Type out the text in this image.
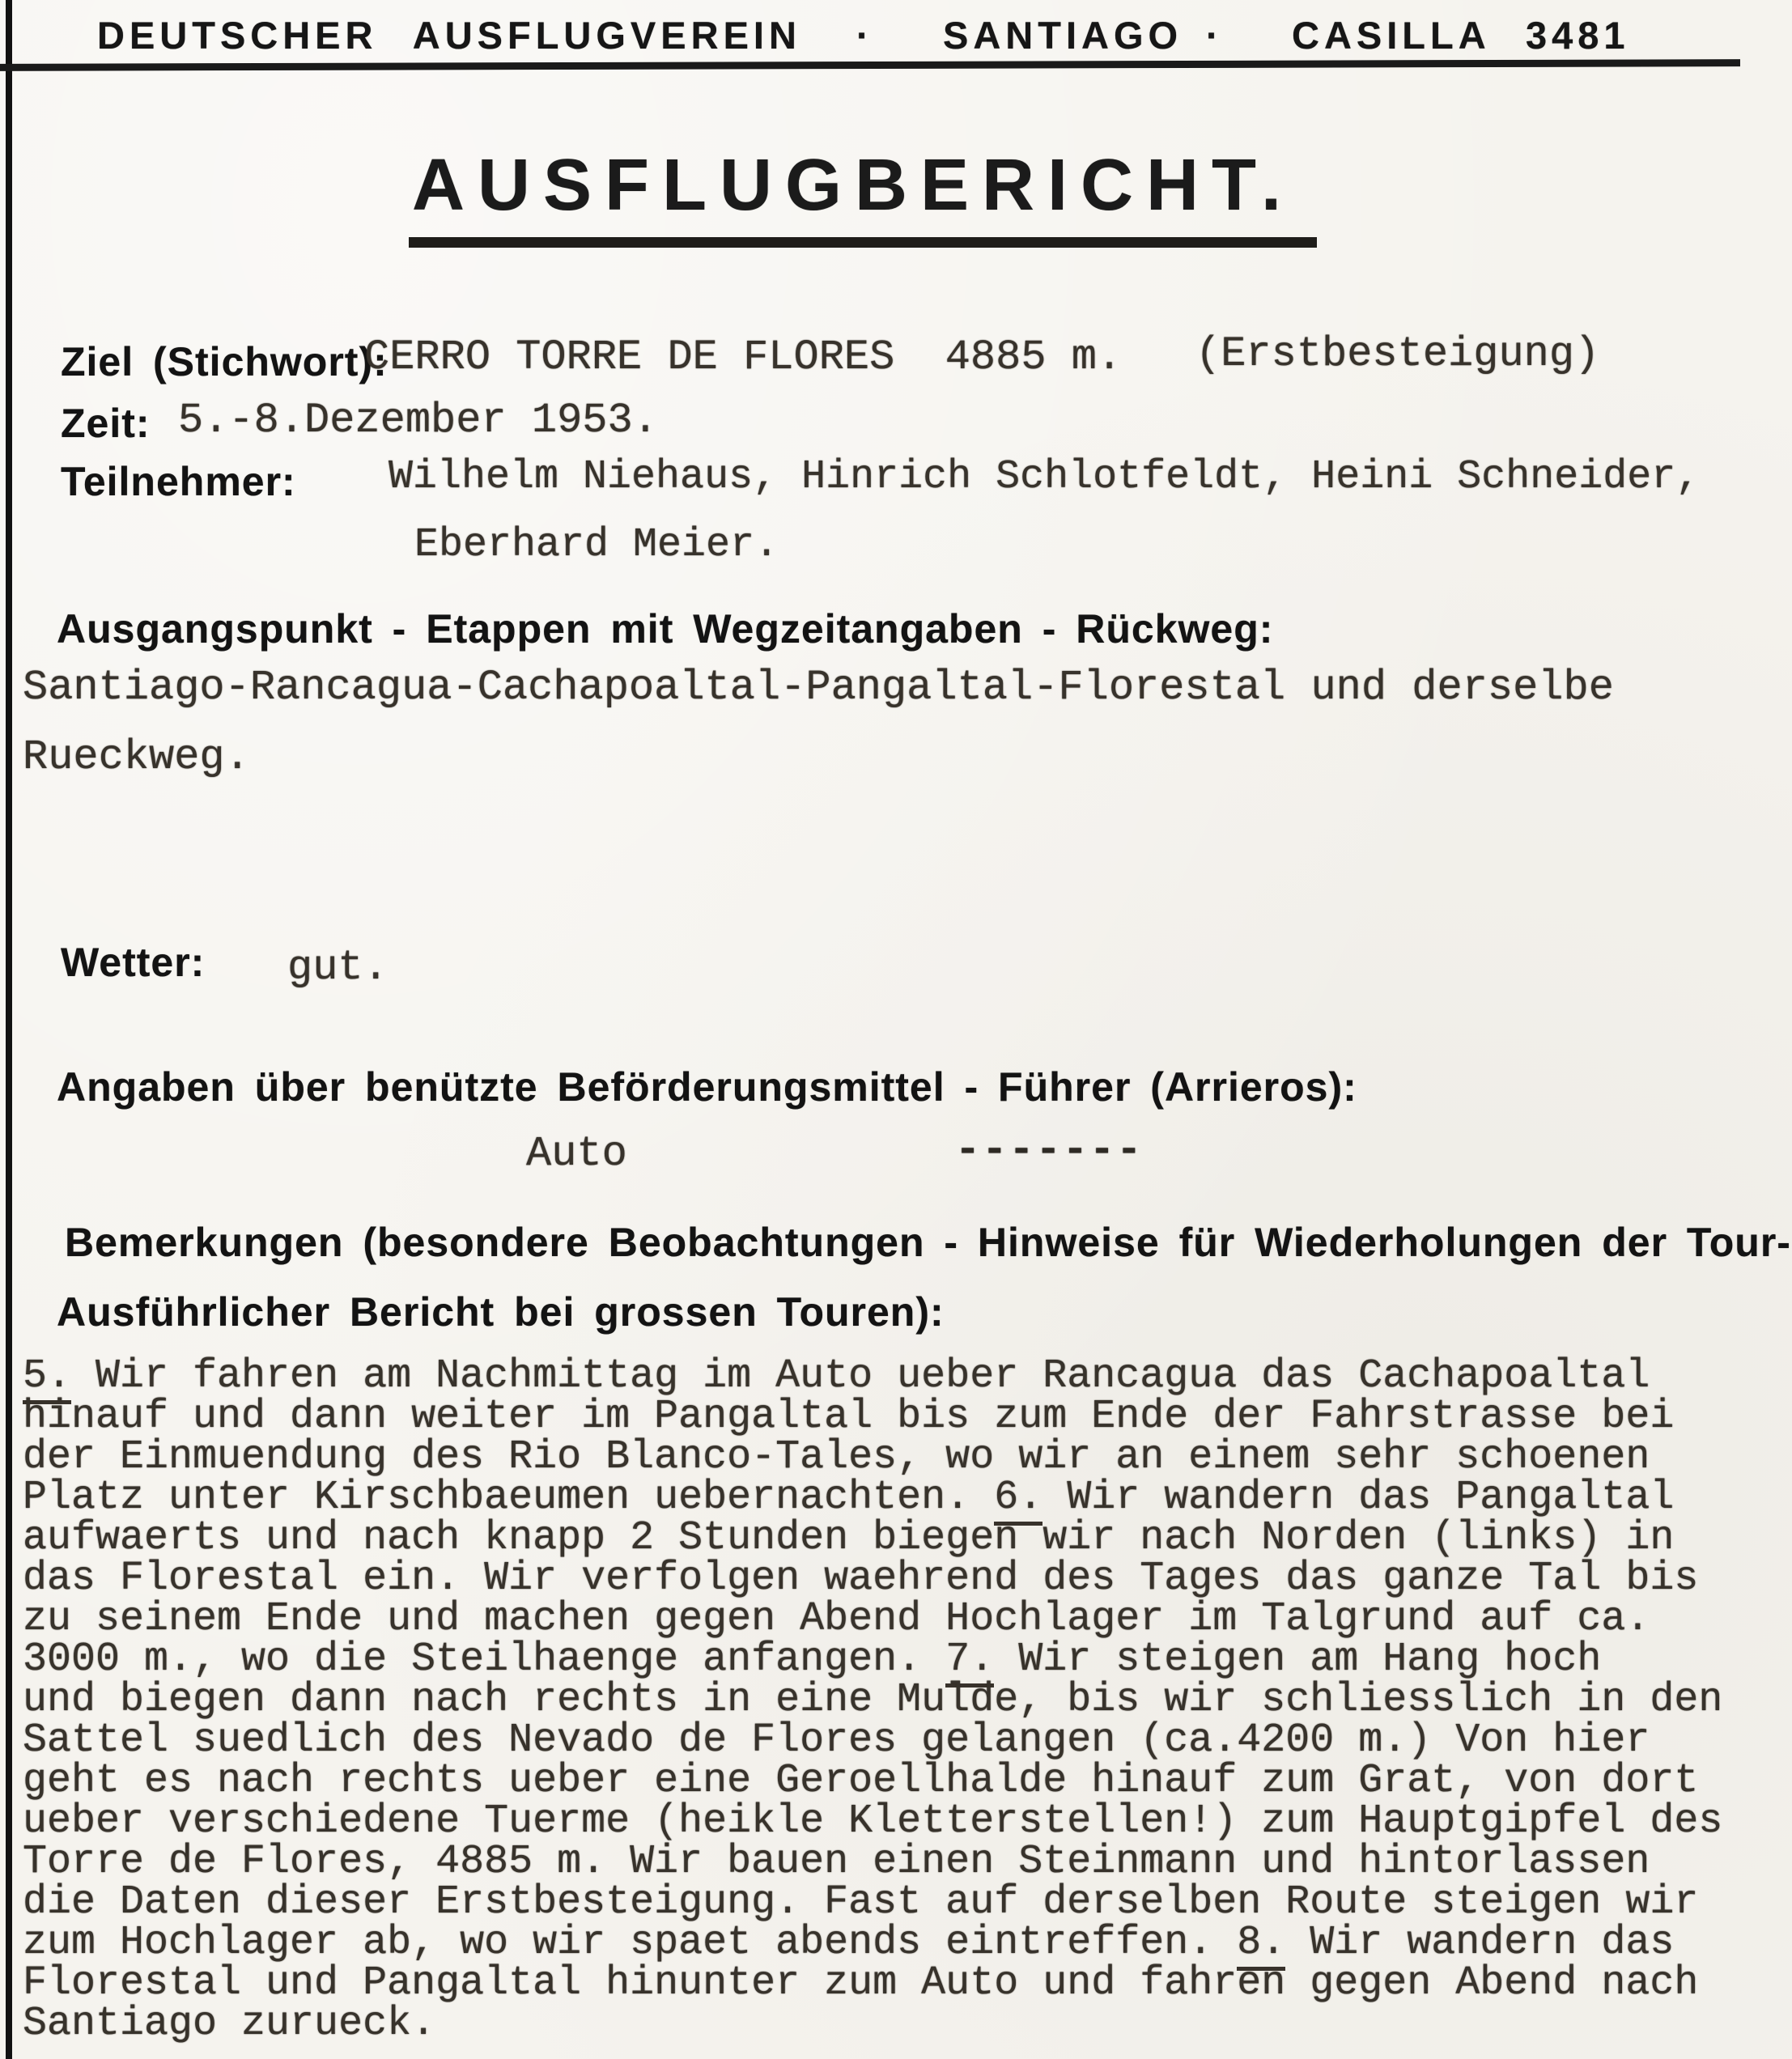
DEUTSCHER AUSFLUGVEREIN · SANTIAGO · CASILLA 3481
AUSFLUGBERICHT.
Ziel (Stichwort):
CERRO TORRE DE FLORES  4885 m. (Erstbesteigung)
Zeit: 5.-8.Dezember 1953.
Teilnehmer: Wilhelm Niehaus, Hinrich Schlotfeldt, Heini Schneider,
Eberhard Meier.
Ausgangspunkt - Etappen mit Wegzeitangaben - Rückweg:
Santiago-Rancagua-Cachapoaltal-Pangaltal-Florestal und derselbe
Rueckweg.
Wetter: gut.
Angaben über benützte Beförderungsmittel - Führer (Arrieros):
Auto	-------
Bemerkungen (besondere Beobachtungen - Hinweise für Wiederholungen der Tour-
Ausführlicher Bericht bei grossen Touren):
5. Wir fahren am Nachmittag im Auto ueber Rancagua das Cachapoaltal
hinauf und dann weiter im Pangaltal bis zum Ende der Fahrstrasse bei
der Einmuendung des Rio Blanco-Tales, wo wir an einem sehr schoenen
Platz unter Kirschbaeumen uebernachten. 6. Wir wandern das Pangaltal
aufwaerts und nach knapp 2 Stunden biegen wir nach Norden (links) in
das Florestal ein. Wir verfolgen waehrend des Tages das ganze Tal bis
zu seinem Ende und machen gegen Abend Hochlager im Talgrund auf ca.
3000 m., wo die Steilhaenge anfangen. 7. Wir steigen am Hang hoch
und biegen dann nach rechts in eine Mulde, bis wir schliesslich in den
Sattel suedlich des Nevado de Flores gelangen (ca.4200 m.) Von hier
geht es nach rechts ueber eine Geroellhalde hinauf zum Grat, von dort
ueber verschiedene Tuerme (heikle Kletterstellen!) zum Hauptgipfel des
Torre de Flores, 4885 m. Wir bauen einen Steinmann und hintorlassen
die Daten dieser Erstbesteigung. Fast auf derselben Route steigen wir
zum Hochlager ab, wo wir spaet abends eintreffen. 8. Wir wandern das
Florestal und Pangaltal hinunter zum Auto und fahren gegen Abend nach
Santiago zurueck.
